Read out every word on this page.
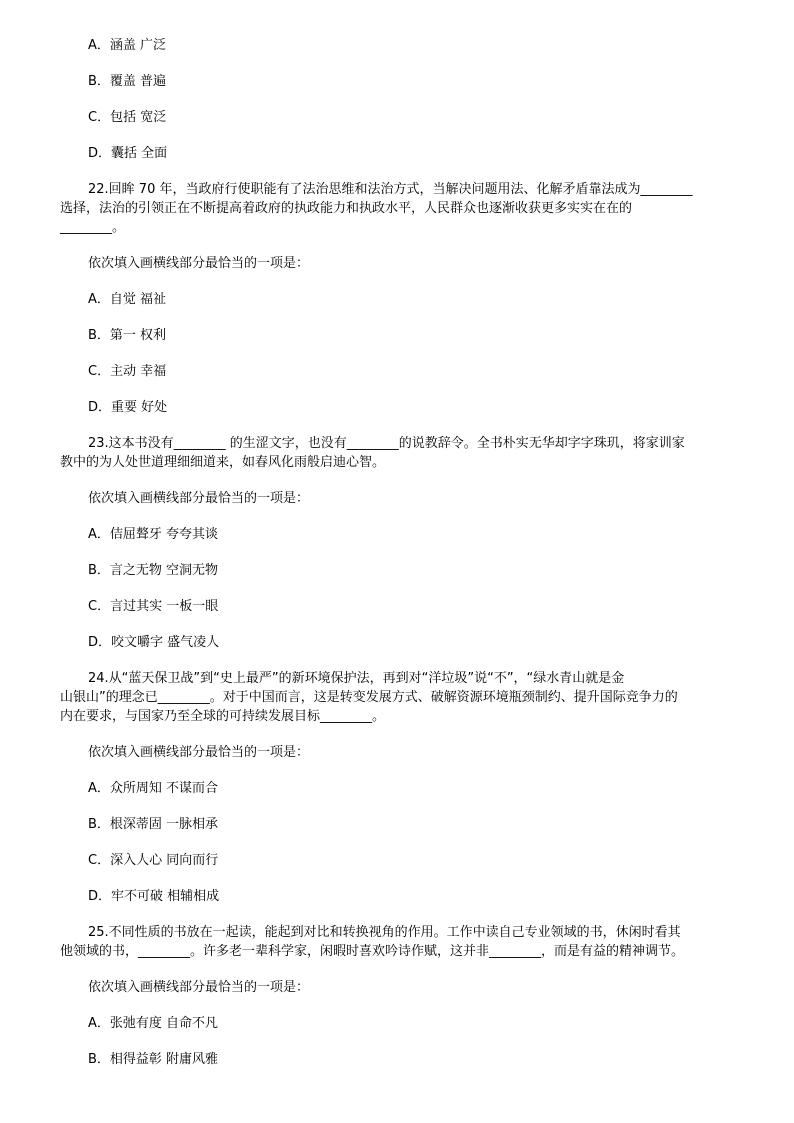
A．涵盖 广泛
B．覆盖 普遍
C．包括 宽泛
D．囊括 全面
22.回眸 70 年，当政府行使职能有了法治思维和法治方式，当解决问题用法、化解矛盾靠法成为________
选择，法治的引领正在不断提高着政府的执政能力和执政水平，人民群众也逐渐收获更多实实在在的
________。
依次填入画横线部分最恰当的一项是：
A．自觉 福祉
B．第一 权利
C．主动 幸福
D．重要 好处
23.这本书没有________ 的生涩文字，也没有________的说教辞令。全书朴实无华却字字珠玑，将家训家
教中的为人处世道理细细道来，如春风化雨般启迪心智。
依次填入画横线部分最恰当的一项是：
A．佶屈聱牙 夸夸其谈
B．言之无物 空洞无物
C．言过其实 一板一眼
D．咬文嚼字 盛气凌人
24.从“蓝天保卫战”到“史上最严”的新环境保护法，再到对“洋垃圾”说“不”，“绿水青山就是金
山银山”的理念已________。对于中国而言，这是转变发展方式、破解资源环境瓶颈制约、提升国际竞争力的
内在要求，与国家乃至全球的可持续发展目标________。
依次填入画横线部分最恰当的一项是：
A．众所周知 不谋而合
B．根深蒂固 一脉相承
C．深入人心 同向而行
D．牢不可破 相辅相成
25.不同性质的书放在一起读，能起到对比和转换视角的作用。工作中读自己专业领域的书，休闲时看其
他领域的书，________。许多老一辈科学家，闲暇时喜欢吟诗作赋，这并非________，而是有益的精神调节。
依次填入画横线部分最恰当的一项是：
A．张弛有度 自命不凡
B．相得益彰 附庸风雅
